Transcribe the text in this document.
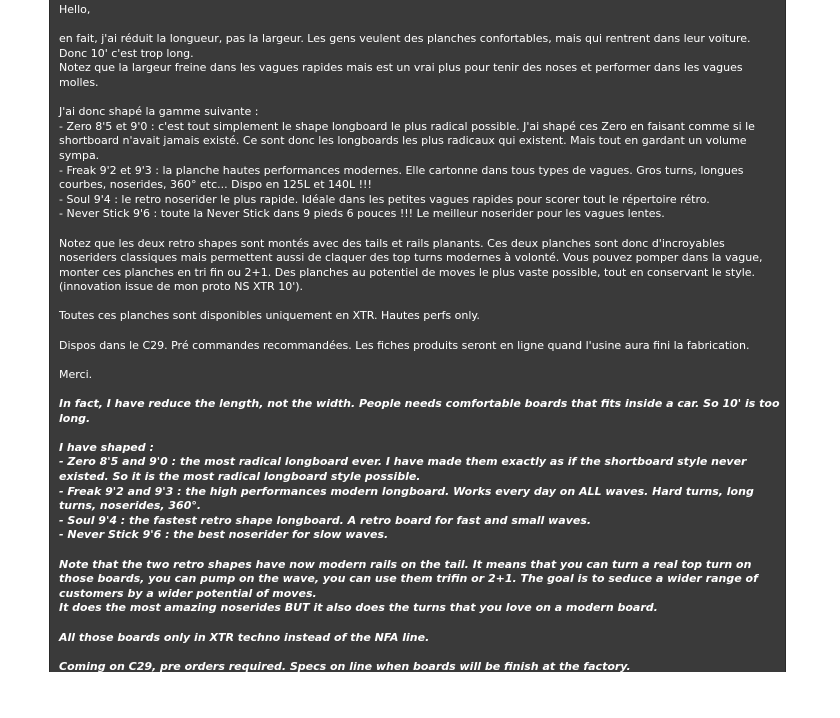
Hello,

en fait, j'ai réduit la longueur, pas la largeur. Les gens veulent des planches confortables, mais qui rentrent dans leur voiture. Donc 10' c'est trop long.
Notez que la largeur freine dans les vagues rapides mais est un vrai plus pour tenir des noses et performer dans les vagues molles.

J'ai donc shapé la gamme suivante :
- Zero 8'5 et 9'0 : c'est tout simplement le shape longboard le plus radical possible. J'ai shapé ces Zero en faisant comme si le shortboard n'avait jamais existé. Ce sont donc les longboards les plus radicaux qui existent. Mais tout en gardant un volume sympa.
- Freak 9'2 et 9'3 : la planche hautes performances modernes. Elle cartonne dans tous types de vagues. Gros turns, longues courbes, noserides, 360° etc... Dispo en 125L et 140L !!!
- Soul 9'4 : le retro noserider le plus rapide. Idéale dans les petites vagues rapides pour scorer tout le répertoire rétro.
- Never Stick 9'6 : toute la Never Stick dans 9 pieds 6 pouces !!! Le meilleur noserider pour les vagues lentes.

Notez que les deux retro shapes sont montés avec des tails et rails planants. Ces deux planches sont donc d'incroyables noseriders classiques mais permettent aussi de claquer des top turns modernes à volonté. Vous pouvez pomper dans la vague, monter ces planches en tri fin ou 2+1. Des planches au potentiel de moves le plus vaste possible, tout en conservant le style. (innovation issue de mon proto NS XTR 10').

Toutes ces planches sont disponibles uniquement en XTR. Hautes perfs only.

Dispos dans le C29. Pré commandes recommandées. Les fiches produits seront en ligne quand l'usine aura fini la fabrication.

Merci.

In fact, I have reduce the length, not the width. People needs comfortable boards that fits inside a car. So 10' is too long.

I have shaped :
- Zero 8'5 and 9'0 : the most radical longboard ever. I have made them exactly as if the shortboard style never existed. So it is the most radical longboard style possible.
- Freak 9'2 and 9'3 : the high performances modern longboard. Works every day on ALL waves. Hard turns, long turns, noserides, 360°.
- Soul 9'4 : the fastest retro shape longboard. A retro board for fast and small waves.
- Never Stick 9'6 : the best noserider for slow waves.

Note that the two retro shapes have now modern rails on the tail. It means that you can turn a real top turn on those boards, you can pump on the wave, you can use them trifin or 2+1. The goal is to seduce a wider range of customers by a wider potential of moves.
It does the most amazing noserides BUT it also does the turns that you love on a modern board.

All those boards only in XTR techno instead of the NFA line.

Coming on C29, pre orders required. Specs on line when boards will be finish at the factory.

Thanks.
